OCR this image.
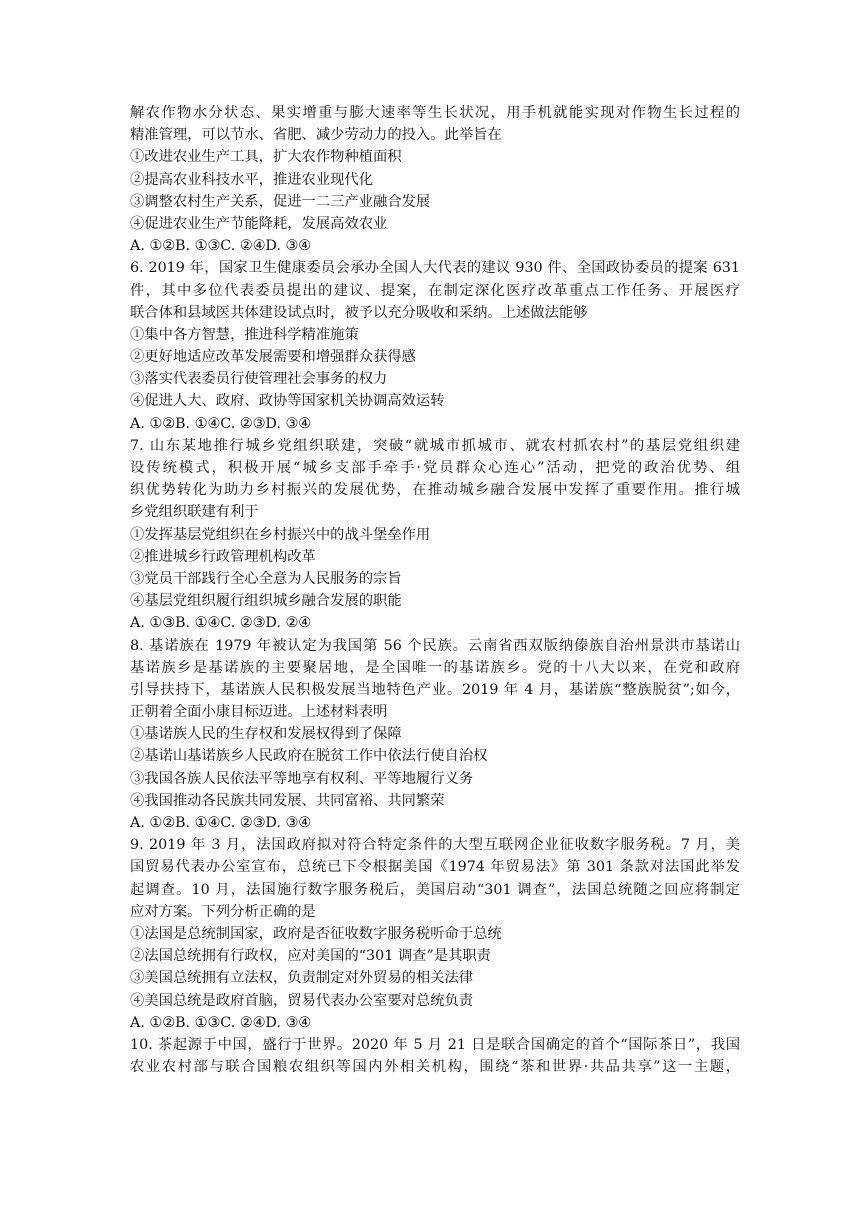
解农作物水分状态、果实增重与膨大速率等生长状况，用手机就能实现对作物生长过程的
精准管理，可以节水、省肥、减少劳动力的投入。此举旨在
①改进农业生产工具，扩大农作物种植面积
②提高农业科技水平，推进农业现代化
③调整农村生产关系，促进一二三产业融合发展
④促进农业生产节能降耗，发展高效农业
A. ①②B. ①③C. ②④D. ③④
6. 2019 年，国家卫生健康委员会承办全国人大代表的建议 930 件、全国政协委员的提案 631
件，其中多位代表委员提出的建议、提案，在制定深化医疗改革重点工作任务、开展医疗
联合体和县域医共体建设试点时，被予以充分吸收和采纳。上述做法能够
①集中各方智慧，推进科学精准施策
②更好地适应改革发展需要和增强群众获得感
③落实代表委员行使管理社会事务的权力
④促进人大、政府、政协等国家机关协调高效运转
A. ①②B. ①④C. ②③D. ③④
7. 山东某地推行城乡党组织联建，突破“就城市抓城市、就农村抓农村”的基层党组织建
设传统模式，积极开展“城乡支部手牵手·党员群众心连心”活动，把党的政治优势、组
织优势转化为助力乡村振兴的发展优势，在推动城乡融合发展中发挥了重要作用。推行城
乡党组织联建有利于
①发挥基层党组织在乡村振兴中的战斗堡垒作用
②推进城乡行政管理机构改革
③党员干部践行全心全意为人民服务的宗旨
④基层党组织履行组织城乡融合发展的职能
A. ①③B. ①④C. ②③D. ②④
8. 基诺族在 1979 年被认定为我国第 56 个民族。云南省西双版纳傣族自治州景洪市基诺山
基诺族乡是基诺族的主要聚居地，是全国唯一的基诺族乡。党的十八大以来，在党和政府
引导扶持下，基诺族人民积极发展当地特色产业。2019 年 4 月，基诺族“整族脱贫”;如今，
正朝着全面小康目标迈进。上述材料表明
①基诺族人民的生存权和发展权得到了保障
②基诺山基诺族乡人民政府在脱贫工作中依法行使自治权
③我国各族人民依法平等地享有权利、平等地履行义务
④我国推动各民族共同发展、共同富裕、共同繁荣
A. ①②B. ①④C. ②③D. ③④
9. 2019 年 3 月，法国政府拟对符合特定条件的大型互联网企业征收数字服务税。7 月，美
国贸易代表办公室宣布，总统已下令根据美国《1974 年贸易法》第 301 条款对法国此举发
起调查。10 月，法国施行数字服务税后，美国启动“301 调查”，法国总统随之回应将制定
应对方案。下列分析正确的是
①法国是总统制国家，政府是否征收数字服务税听命于总统
②法国总统拥有行政权，应对美国的“301 调查”是其职责
③美国总统拥有立法权，负责制定对外贸易的相关法律
④美国总统是政府首脑，贸易代表办公室要对总统负责
A. ①②B. ①③C. ②④D. ③④
10. 茶起源于中国，盛行于世界。2020 年 5 月 21 日是联合国确定的首个“国际茶日”，我国
农业农村部与联合国粮农组织等国内外相关机构，围绕“茶和世界·共品共享”这一主题，
